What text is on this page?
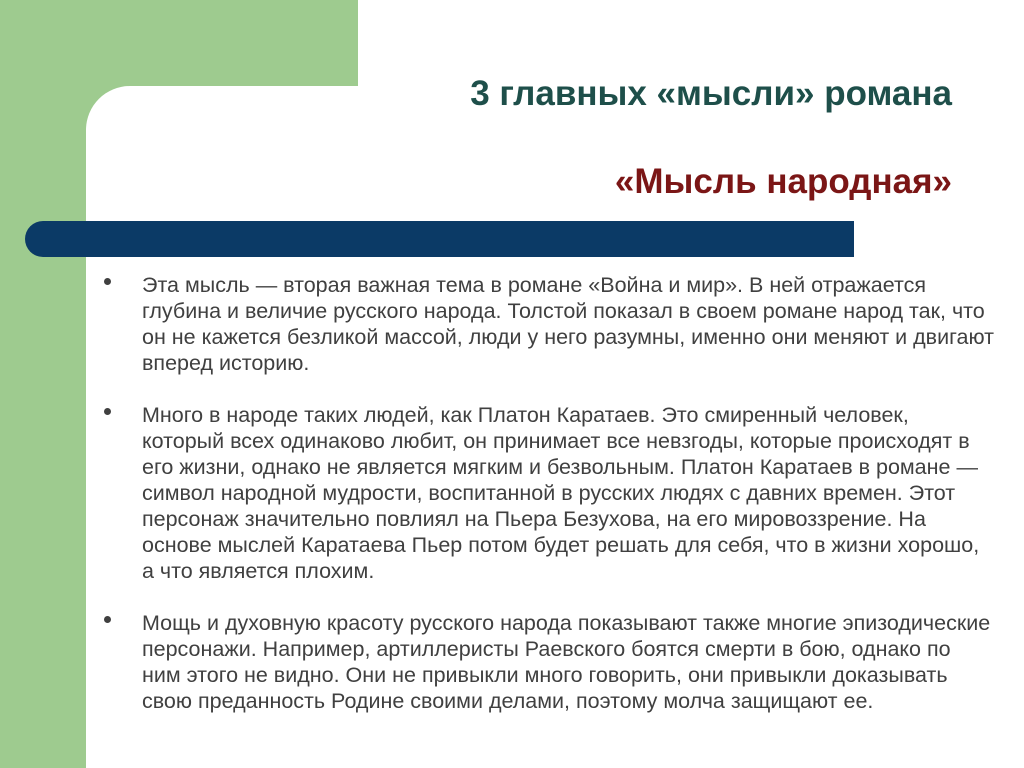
3 главных «мысли» романа
«Мысль народная»
Эта мысль — вторая важная тема в романе «Война и мир». В ней отражается глубина и величие русского народа. Толстой показал в своем романе народ так, что он не кажется безликой массой, люди у него разумны, именно они меняют и двигают вперед историю.
Много в народе таких людей, как Платон Каратаев. Это смиренный человек, который всех одинаково любит, он принимает все невзгоды, которые происходят в его жизни, однако не является мягким и безвольным. Платон Каратаев в романе — символ народной мудрости, воспитанной в русских людях с давних времен. Этот персонаж значительно повлиял на Пьера Безухова, на его мировоззрение. На основе мыслей Каратаева Пьер потом будет решать для себя, что в жизни хорошо, а что является плохим.
Мощь и духовную красоту русского народа показывают также многие эпизодические персонажи. Например, артиллеристы Раевского боятся смерти в бою, однако по ним этого не видно. Они не привыкли много говорить, они привыкли доказывать свою преданность Родине своими делами, поэтому молча защищают ее.
